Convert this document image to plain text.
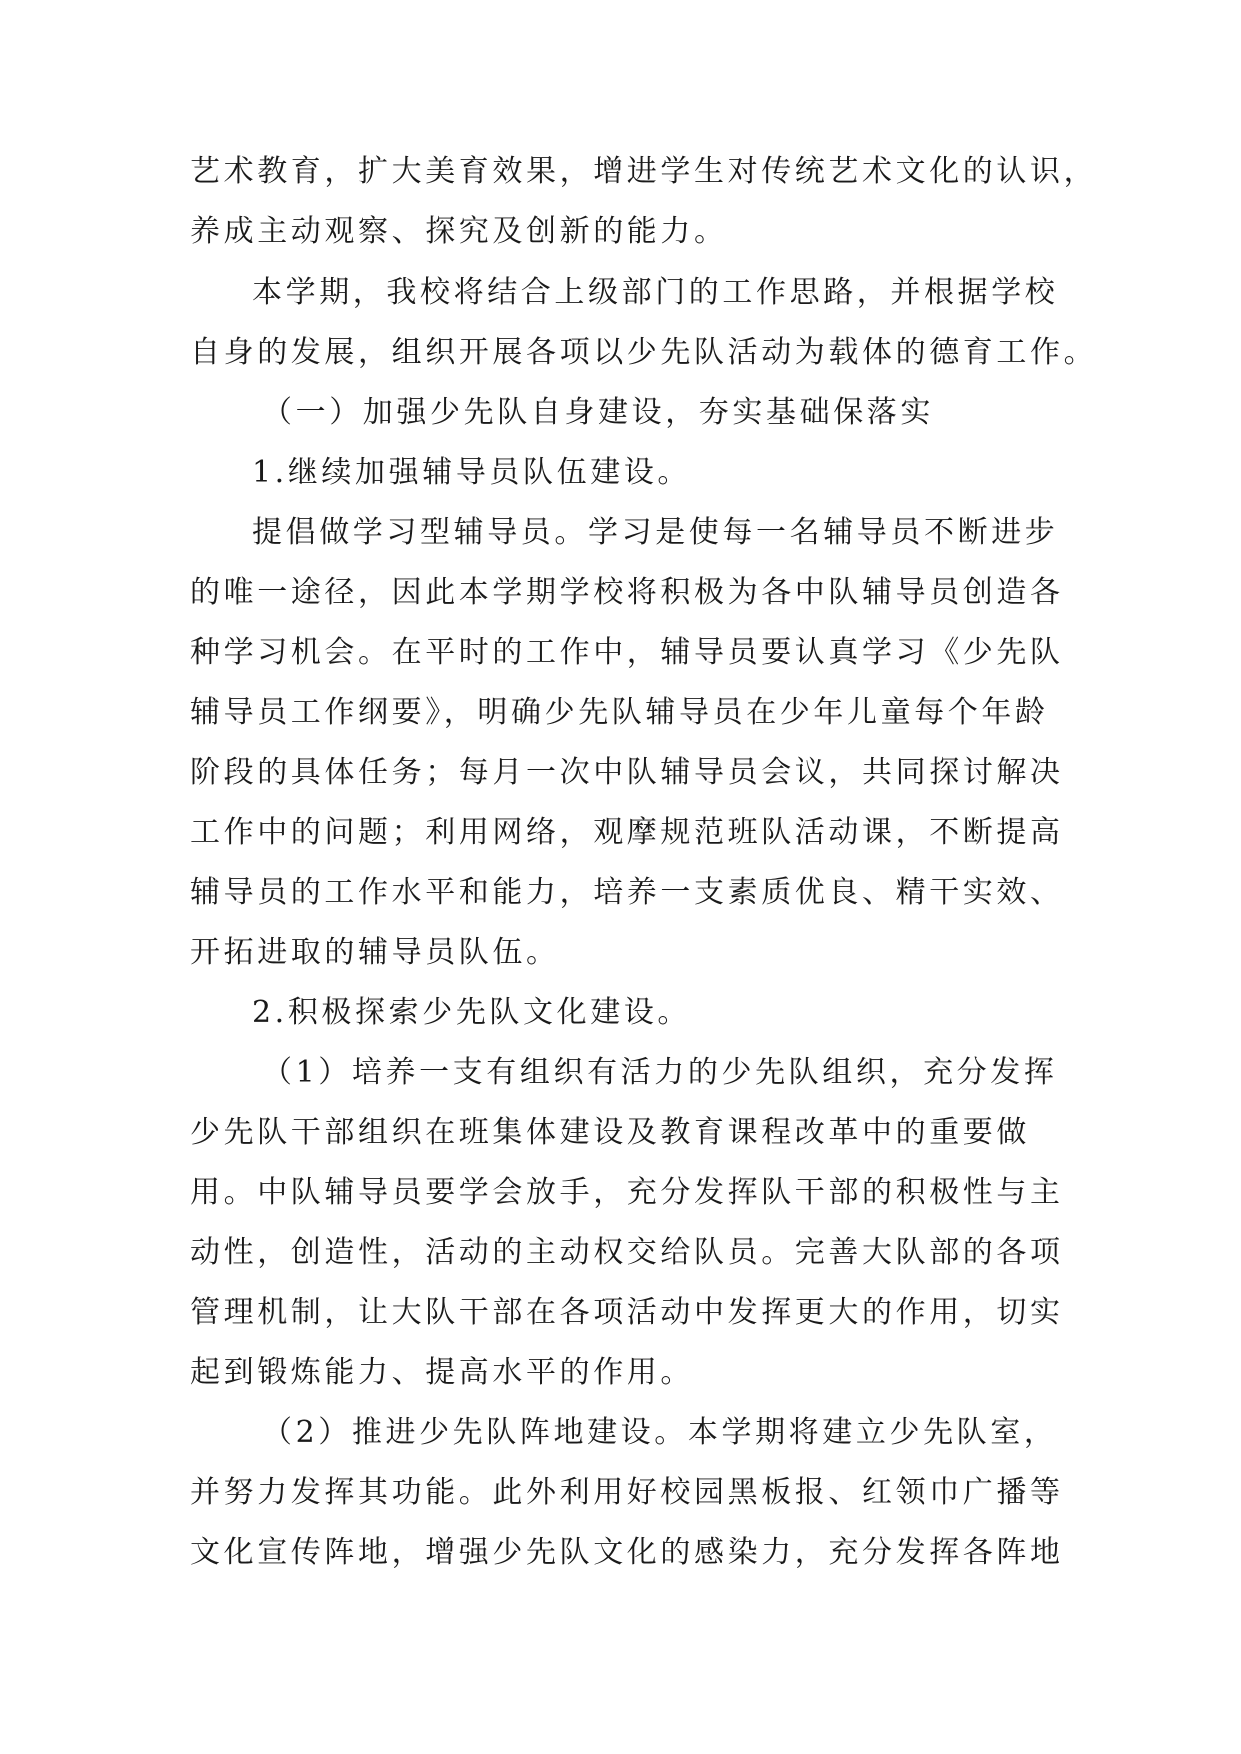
艺术教育，扩大美育效果，增进学生对传统艺术文化的认识，
养成主动观察、探究及创新的能力。
本学期，我校将结合上级部门的工作思路，并根据学校
自身的发展，组织开展各项以少先队活动为载体的德育工作。
（一）加强少先队自身建设，夯实基础保落实
1.继续加强辅导员队伍建设。
提倡做学习型辅导员。学习是使每一名辅导员不断进步
的唯一途径，因此本学期学校将积极为各中队辅导员创造各
种学习机会。在平时的工作中，辅导员要认真学习《少先队
辅导员工作纲要》，明确少先队辅导员在少年儿童每个年龄
阶段的具体任务；每月一次中队辅导员会议，共同探讨解决
工作中的问题；利用网络，观摩规范班队活动课，不断提高
辅导员的工作水平和能力，培养一支素质优良、精干实效、
开拓进取的辅导员队伍。
2.积极探索少先队文化建设。
（1）培养一支有组织有活力的少先队组织，充分发挥
少先队干部组织在班集体建设及教育课程改革中的重要做
用。中队辅导员要学会放手，充分发挥队干部的积极性与主
动性，创造性，活动的主动权交给队员。完善大队部的各项
管理机制，让大队干部在各项活动中发挥更大的作用，切实
起到锻炼能力、提高水平的作用。
（2）推进少先队阵地建设。本学期将建立少先队室，
并努力发挥其功能。此外利用好校园黑板报、红领巾广播等
文化宣传阵地，增强少先队文化的感染力，充分发挥各阵地
